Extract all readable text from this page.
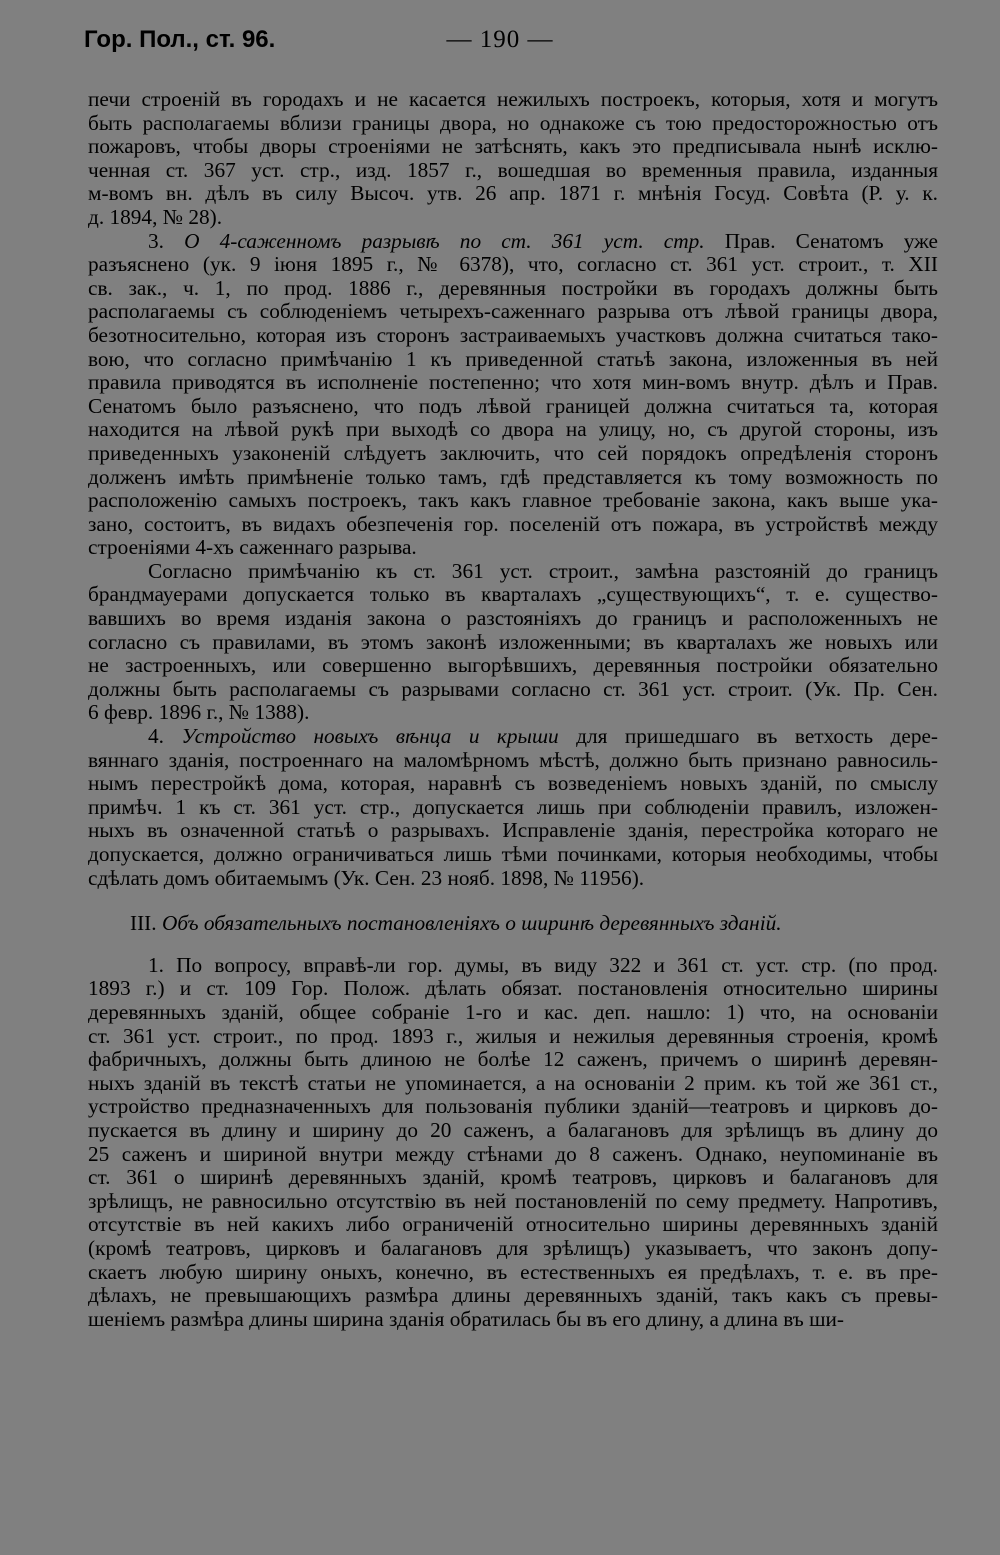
Гор. Пол., ст. 96.	— 190 —
печи строеній въ городахъ и не касается нежилыхъ построекъ, которыя, хотя и могутъ
быть располагаемы вблизи границы двора, но однакоже съ тою предосторожностью отъ
пожаровъ, чтобы дворы строеніями не затѣснять, какъ это предписывала нынѣ исклю-
ченная ст. 367 уст. стр., изд. 1857 г., вошедшая во временныя правила, изданныя
м-вомъ вн. дѣлъ въ силу Высоч. утв. 26 апр. 1871 г. мнѣнія Госуд. Совѣта (Р. у. к.
д. 1894, № 28).
3. О 4-саженномъ разрывѣ по ст. 361 уст. стр. Прав. Сенатомъ уже
разъяснено (ук. 9 іюня 1895 г., № 6378), что, согласно ст. 361 уст. строит., т. XII
св. зак., ч. 1, по прод. 1886 г., деревянныя постройки въ городахъ должны быть
располагаемы съ соблюденіемъ четырехъ-саженнаго разрыва отъ лѣвой границы двора,
безотносительно, которая изъ сторонъ застраиваемыхъ участковъ должна считаться тако-
вою, что согласно примѣчанію 1 къ приведенной статьѣ закона, изложенныя въ ней
правила приводятся въ исполненіе постепенно; что хотя мин-вомъ внутр. дѣлъ и Прав.
Сенатомъ было разъяснено, что подъ лѣвой границей должна считаться та, которая
находится на лѣвой рукѣ при выходѣ со двора на улицу, но, съ другой стороны, изъ
приведенныхъ узаконеній слѣдуетъ заключить, что сей порядокъ опредѣленія сторонъ
долженъ имѣть примѣненіе только тамъ, гдѣ представляется къ тому возможность по
расположенію самыхъ построекъ, такъ какъ главное требованіе закона, какъ выше ука-
зано, состоитъ, въ видахъ обезпеченія гор. поселеній отъ пожара, въ устройствѣ между
строеніями 4-хъ саженнаго разрыва.
Согласно примѣчанію къ ст. 361 уст. строит., замѣна разстояній до границъ
брандмауерами допускается только въ кварталахъ „существующихъ“, т. е. существо-
вавшихъ во время изданія закона о разстояніяхъ до границъ и расположенныхъ не
согласно съ правилами, въ этомъ законѣ изложенными; въ кварталахъ же новыхъ или
не застроенныхъ, или совершенно выгорѣвшихъ, деревянныя постройки обязательно
должны быть располагаемы съ разрывами согласно ст. 361 уст. строит. (Ук. Пр. Сен.
6 февр. 1896 г., № 1388).
4. Устройство новыхъ вѣнца и крыши для пришедшаго въ ветхость дере-
вяннаго зданія, построеннаго на маломѣрномъ мѣстѣ, должно быть признано равносиль-
нымъ перестройкѣ дома, которая, наравнѣ съ возведеніемъ новыхъ зданій, по смыслу
примѣч. 1 къ ст. 361 уст. стр., допускается лишь при соблюденіи правилъ, изложен-
ныхъ въ означенной статьѣ о разрывахъ. Исправленіе зданія, перестройка котораго не
допускается, должно ограничиваться лишь тѣми починками, которыя необходимы, чтобы
сдѣлать домъ обитаемымъ (Ук. Сен. 23 нояб. 1898, № 11956).
III. Объ обязательныхъ постановленіяхъ о ширинѣ деревянныхъ зданій.
1. По вопросу, вправѣ-ли гор. думы, въ виду 322 и 361 ст. уст. стр. (по прод.
1893 г.) и ст. 109 Гор. Полож. дѣлать обязат. постановленія относительно ширины
деревянныхъ зданій, общее собраніе 1-го и кас. деп. нашло: 1) что, на основаніи
ст. 361 уст. строит., по прод. 1893 г., жилыя и нежилыя деревянныя строенія, кромѣ
фабричныхъ, должны быть длиною не болѣе 12 саженъ, причемъ о ширинѣ деревян-
ныхъ зданій въ текстѣ статьи не упоминается, а на основаніи 2 прим. къ той же 361 ст.,
устройство предназначенныхъ для пользованія публики зданій—театровъ и цирковъ до-
пускается въ длину и ширину до 20 саженъ, а балагановъ для зрѣлищъ въ длину до
25 саженъ и шириной внутри между стѣнами до 8 саженъ. Однако, неупоминаніе въ
ст. 361 о ширинѣ деревянныхъ зданій, кромѣ театровъ, цирковъ и балагановъ для
зрѣлищъ, не равносильно отсутствію въ ней постановленій по сему предмету. Напротивъ,
отсутствіе въ ней какихъ либо ограниченій относительно ширины деревянныхъ зданій
(кромѣ театровъ, цирковъ и балагановъ для зрѣлищъ) указываетъ, что законъ допу-
скаетъ любую ширину оныхъ, конечно, въ естественныхъ ея предѣлахъ, т. е. въ пре-
дѣлахъ, не превышающихъ размѣра длины деревянныхъ зданій, такъ какъ съ превы-
шеніемъ размѣра длины ширина зданія обратилась бы въ его длину, а длина въ ши-
